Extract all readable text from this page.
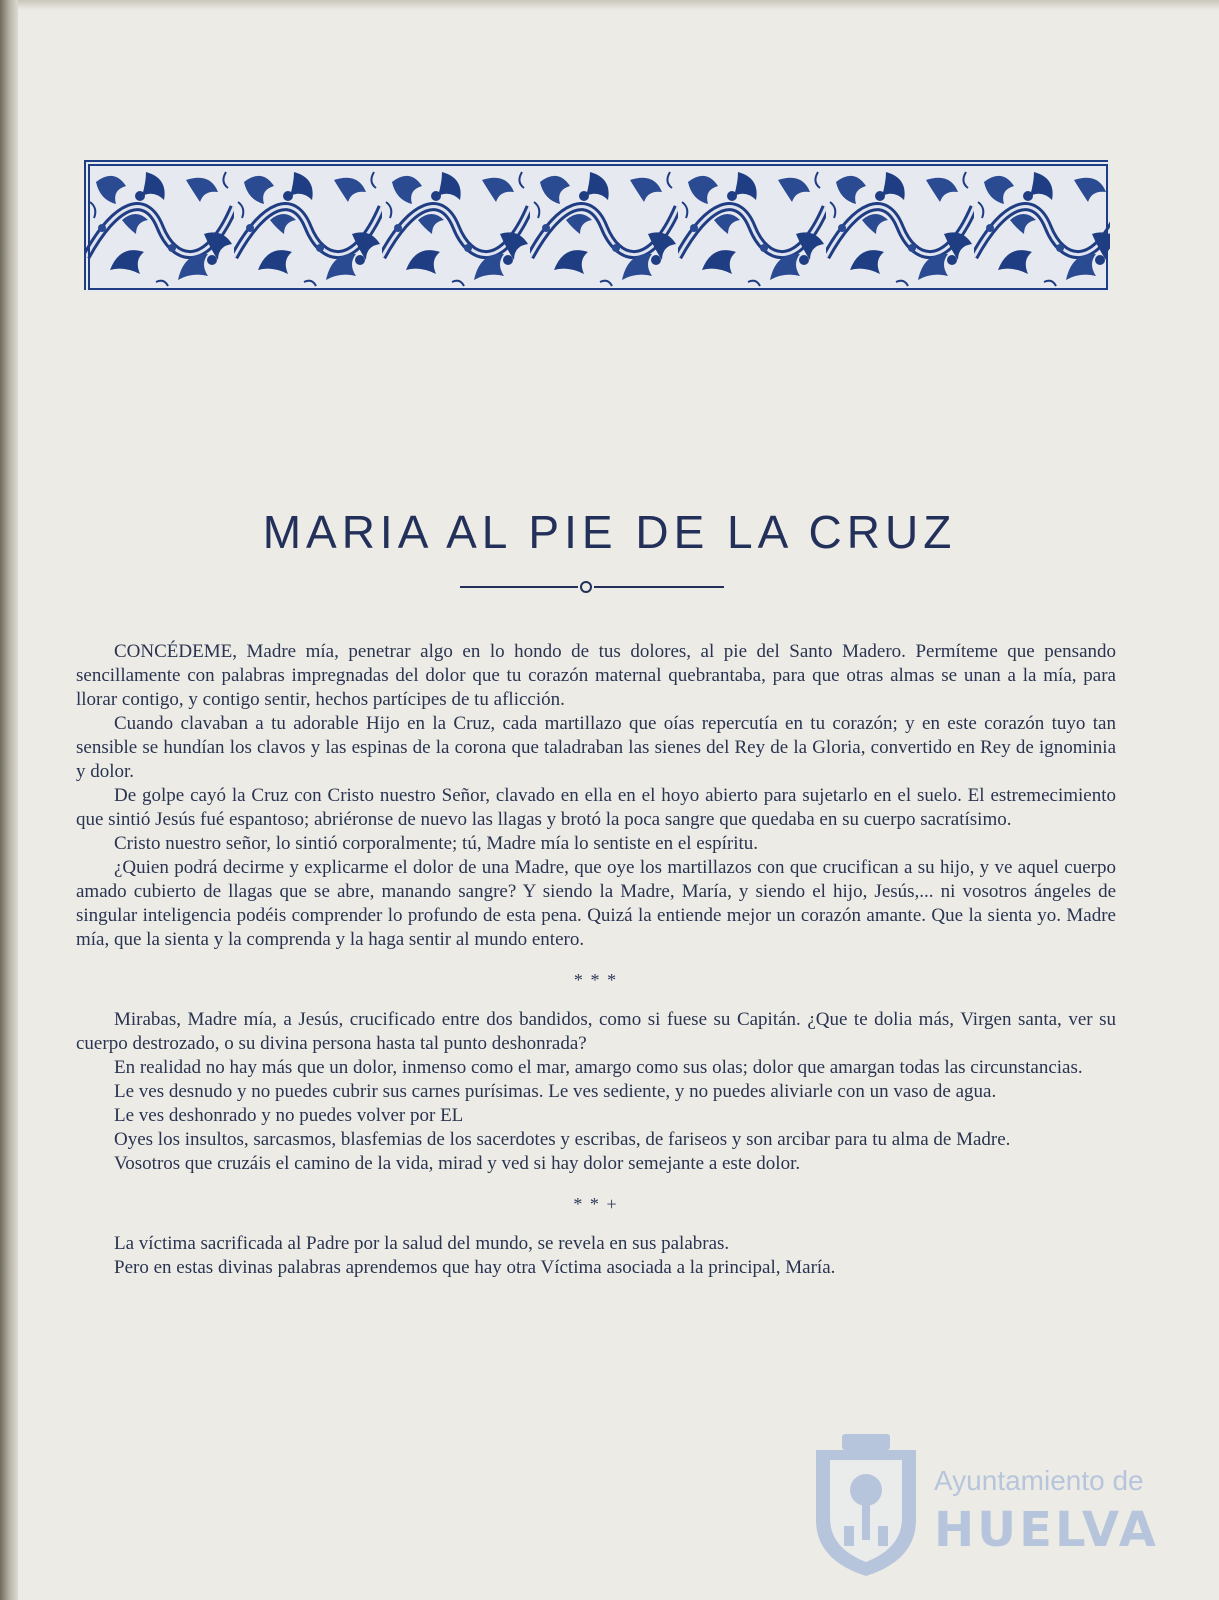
MARIA AL PIE DE LA CRUZ

CONCÉDEME, Madre mía, penetrar algo en lo hondo de tus dolores, al pie del Santo Madero. Permíteme que pensando sencillamente con palabras impregnadas del dolor que tu corazón maternal quebrantaba, para que otras almas se unan a la mía, para llorar contigo, y contigo sentir, hechos partícipes de tu aflicción.

Cuando clavaban a tu adorable Hijo en la Cruz, cada martillazo que oías repercutía en tu corazón; y en este corazón tuyo tan sensible se hundían los clavos y las espinas de la corona que taladraban las sienes del Rey de la Gloria, convertido en Rey de ignominia y dolor.

De golpe cayó la Cruz con Cristo nuestro Señor, clavado en ella en el hoyo abierto para sujetarlo en el suelo. El estremecimiento que sintió Jesús fué espantoso; abriéronse de nuevo las llagas y brotó la poca sangre que quedaba en su cuerpo sacratísimo.

Cristo nuestro señor, lo sintió corporalmente; tú, Madre mía lo sentiste en el espíritu.

¿Quien podrá decirme y explicarme el dolor de una Madre, que oye los martillazos con que crucifican a su hijo, y ve aquel cuerpo amado cubierto de llagas que se abre, manando sangre? Y siendo la Madre, María, y siendo el hijo, Jesús,... ni vosotros ángeles de singular inteligencia podéis comprender lo profundo de esta pena. Quizá la entiende mejor un corazón amante. Que la sienta yo. Madre mía, que la sienta y la comprenda y la haga sentir al mundo entero.

* * *

Mirabas, Madre mía, a Jesús, crucificado entre dos bandidos, como si fuese su Capitán. ¿Que te dolia más, Virgen santa, ver su cuerpo destrozado, o su divina persona hasta tal punto deshonrada?

En realidad no hay más que un dolor, inmenso como el mar, amargo como sus olas; dolor que amargan todas las circunstancias.

Le ves desnudo y no puedes cubrir sus carnes purísimas. Le ves sediente, y no puedes aliviarle con un vaso de agua.

Le ves deshonrado y no puedes volver por EL

Oyes los insultos, sarcasmos, blasfemias de los sacerdotes y escribas, de fariseos y son arcibar para tu alma de Madre.

Vosotros que cruzáis el camino de la vida, mirad y ved si hay dolor semejante a este dolor.

* * +

La víctima sacrificada al Padre por la salud del mundo, se revela en sus palabras.

Pero en estas divinas palabras aprendemos que hay otra Víctima asociada a la principal, María.

Ayuntamiento de
HUELVA
